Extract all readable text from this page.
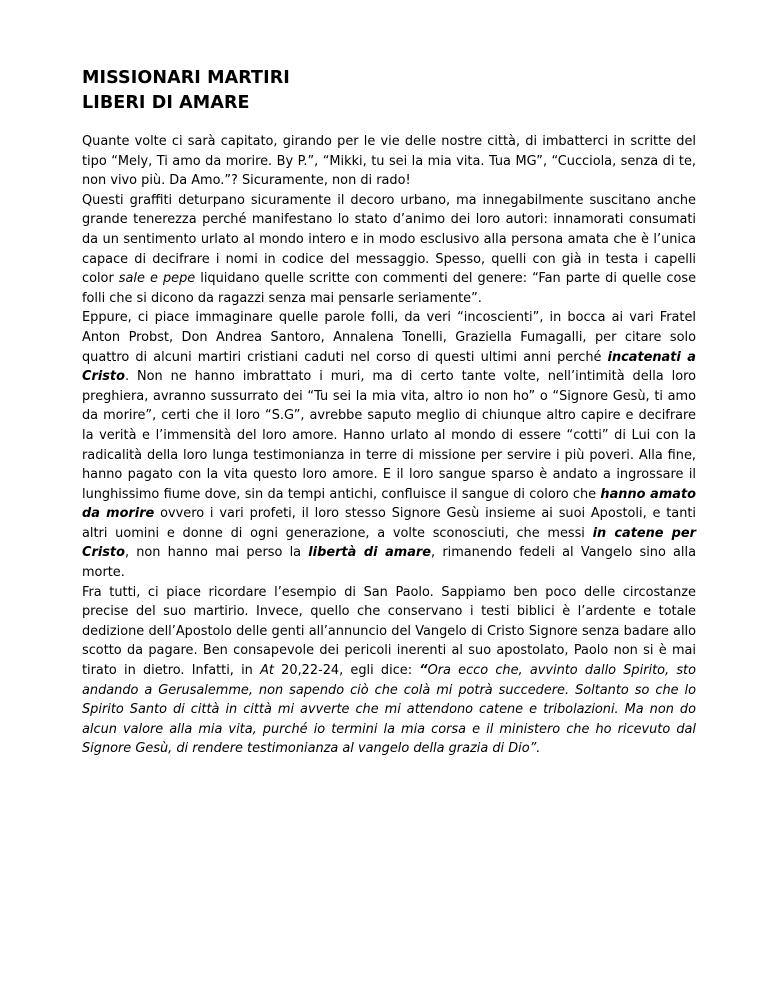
MISSIONARI MARTIRI
LIBERI DI AMARE

Quante volte ci sarà capitato, girando per le vie delle nostre città, di imbatterci in scritte del tipo “Mely, Ti amo da morire. By P.”, “Mikki, tu sei la mia vita. Tua MG”, “Cucciola, senza di te, non vivo più. Da Amo.”? Sicuramente, non di rado!

Questi graffiti deturpano sicuramente il decoro urbano, ma innegabilmente suscitano anche grande tenerezza perché manifestano lo stato d’animo dei loro autori: innamorati consumati da un sentimento urlato al mondo intero e in modo esclusivo alla persona amata che è l’unica capace di decifrare i nomi in codice del messaggio. Spesso, quelli con già in testa i capelli color sale e pepe liquidano quelle scritte con commenti del genere: “Fan parte di quelle cose folli che si dicono da ragazzi senza mai pensarle seriamente”.

Eppure, ci piace immaginare quelle parole folli, da veri “incoscienti”, in bocca ai vari Fratel Anton Probst, Don Andrea Santoro, Annalena Tonelli, Graziella Fumagalli, per citare solo quattro di alcuni martiri cristiani caduti nel corso di questi ultimi anni perché incatenati a Cristo. Non ne hanno imbrattato i muri, ma di certo tante volte, nell’intimità della loro preghiera, avranno sussurrato dei “Tu sei la mia vita, altro io non ho” o “Signore Gesù, ti amo da morire”, certi che il loro “S.G”, avrebbe saputo meglio di chiunque altro capire e decifrare la verità e l’immensità del loro amore. Hanno urlato al mondo di essere “cotti” di Lui con la radicalità della loro lunga testimonianza in terre di missione per servire i più poveri. Alla fine, hanno pagato con la vita questo loro amore. E il loro sangue sparso è andato a ingrossare il lunghissimo fiume dove, sin da tempi antichi, confluisce il sangue di coloro che hanno amato da morire ovvero i vari profeti, il loro stesso Signore Gesù insieme ai suoi Apostoli, e tanti altri uomini e donne di ogni generazione, a volte sconosciuti, che messi in catene per Cristo, non hanno mai perso la libertà di amare, rimanendo fedeli al Vangelo sino alla morte.

Fra tutti, ci piace ricordare l’esempio di San Paolo. Sappiamo ben poco delle circostanze precise del suo martirio. Invece, quello che conservano i testi biblici è l’ardente e totale dedizione dell’Apostolo delle genti all’annuncio del Vangelo di Cristo Signore senza badare allo scotto da pagare. Ben consapevole dei pericoli inerenti al suo apostolato, Paolo non si è mai tirato in dietro. Infatti, in At 20,22-24, egli dice: “Ora ecco che, avvinto dallo Spirito, sto andando a Gerusalemme, non sapendo ciò che colà mi potrà succedere. Soltanto so che lo Spirito Santo di città in città mi avverte che mi attendono catene e tribolazioni. Ma non do alcun valore alla mia vita, purché io termini la mia corsa e il ministero che ho ricevuto dal Signore Gesù, di rendere testimonianza al vangelo della grazia di Dio”.
